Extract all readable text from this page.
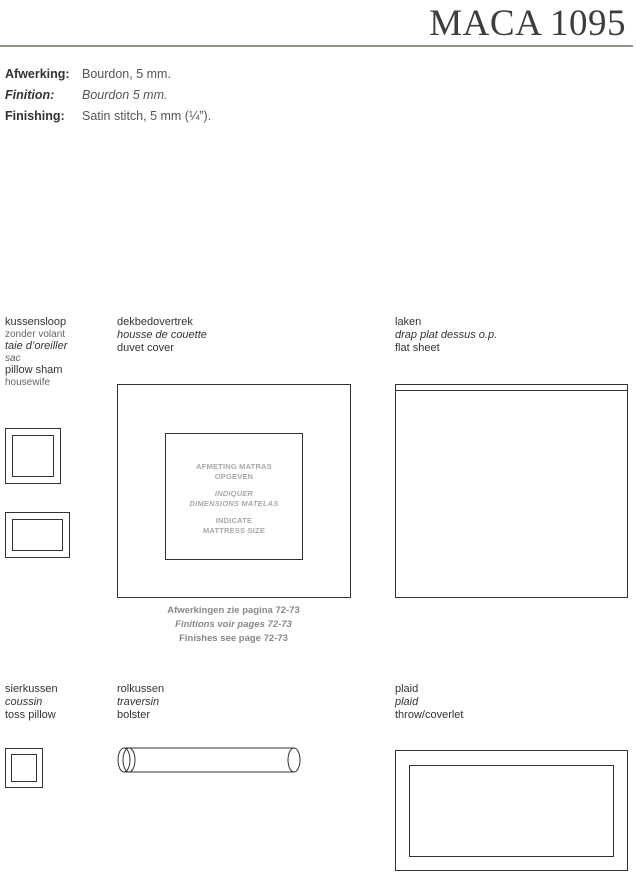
MACA 1095
Afwerking: Bourdon, 5 mm.
Finition: Bourdon 5 mm.
Finishing: Satin stitch, 5 mm (¼”).
kussensloop
zonder volant
taie d’oreiller
sac
pillow sham
housewife
dekbedovertrek
housse de couette
duvet cover
AFMETING MATRAS
OPGEVEN
INDIQUER
DIMENSIONS MATELAS
INDICATE
MATTRESS SIZE
Afwerkingen zie pagina 72-73
Finitions voir pages 72-73
Finishes see page 72-73
laken
drap plat dessus o.p.
flat sheet
sierkussen
coussin
toss pillow
rolkussen
traversin
bolster
plaid
plaid
throw/coverlet
